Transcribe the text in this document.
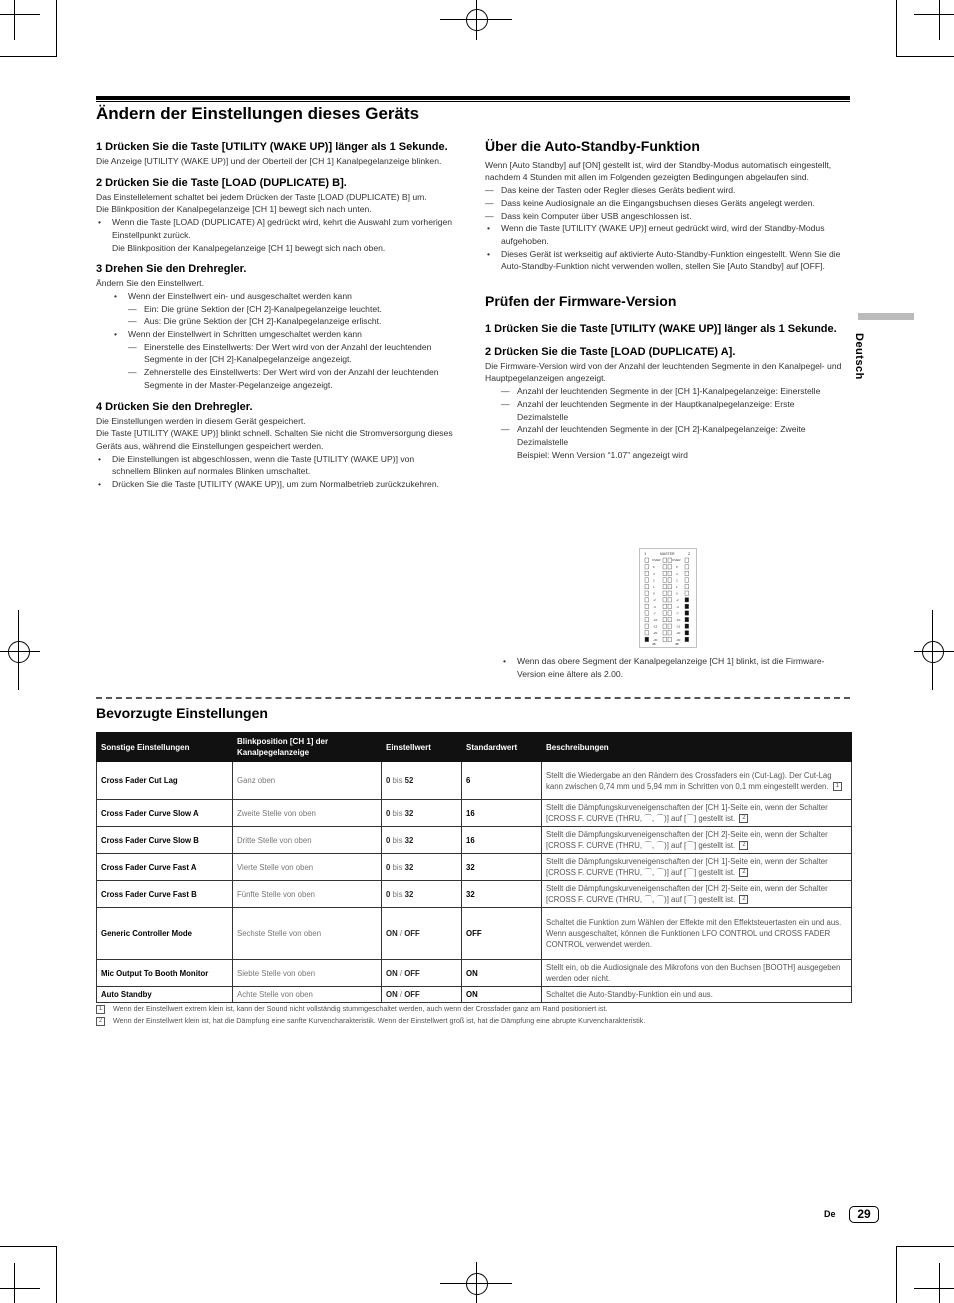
Ändern der Einstellungen dieses Geräts
1 Drücken Sie die Taste [UTILITY (WAKE UP)] länger als 1 Sekunde.

Die Anzeige [UTILITY (WAKE UP)] und der Oberteil der [CH 1] Kanalpegelanzeige blinken.

2 Drücken Sie die Taste [LOAD (DUPLICATE) B].

Das Einstellelement schaltet bei jedem Drücken der Taste [LOAD (DUPLICATE) B] um.

Die Blinkposition der Kanalpegelanzeige [CH 1] bewegt sich nach unten.

• Wenn die Taste [LOAD (DUPLICATE) A] gedrückt wird, kehrt die Auswahl zum vorherigen Einstellpunkt zurück.

Die Blinkposition der Kanalpegelanzeige [CH 1] bewegt sich nach oben.

3 Drehen Sie den Drehregler.

Ändern Sie den Einstellwert.

• Wenn der Einstellwert ein- und ausgeschaltet werden kann

— Ein: Die grüne Sektion der [CH 2]-Kanalpegelanzeige leuchtet.

— Aus: Die grüne Sektion der [CH 2]-Kanalpegelanzeige erlischt.

• Wenn der Einstellwert in Schritten umgeschaltet werden kann

— Einerstelle des Einstellwerts: Der Wert wird von der Anzahl der leuchtenden Segmente in der [CH 2]-Kanalpegelanzeige angezeigt.

— Zehnerstelle des Einstellwerts: Der Wert wird von der Anzahl der leuchtenden Segmente in der Master-Pegelanzeige angezeigt.

4 Drücken Sie den Drehregler.

Die Einstellungen werden in diesem Gerät gespeichert.

Die Taste [UTILITY (WAKE UP)] blinkt schnell. Schalten Sie nicht die Stromversorgung dieses Geräts aus, während die Einstellungen gespeichert werden.

• Die Einstellungen ist abgeschlossen, wenn die Taste [UTILITY (WAKE UP)] von schnellem Blinken auf normales Blinken umschaltet.

• Drücken Sie die Taste [UTILITY (WAKE UP)], um zum Normalbetrieb zurückzukehren.

Über die Auto-Standby-Funktion

Wenn [Auto Standby] auf [ON] gestellt ist, wird der Standby-Modus automatisch eingestellt, nachdem 4 Stunden mit allen im Folgenden gezeigten Bedingungen abgelaufen sind.

— Das keine der Tasten oder Regler dieses Geräts bedient wird.

— Dass keine Audiosignale an die Eingangsbuchsen dieses Geräts angelegt werden.

— Dass kein Computer über USB angeschlossen ist.

• Wenn die Taste [UTILITY (WAKE UP)] erneut gedrückt wird, wird der Standby-Modus aufgehoben.

• Dieses Gerät ist werkseitig auf aktivierte Auto-Standby-Funktion eingestellt. Wenn Sie die Auto-Standby-Funktion nicht verwenden wollen, stellen Sie [Auto Standby] auf [OFF].

Prüfen der Firmware-Version
1 Drücken Sie die Taste [UTILITY (WAKE UP)] länger als 1 Sekunde.
2 Drücken Sie die Taste [LOAD (DUPLICATE) A].

Die Firmware-Version wird von der Anzahl der leuchtenden Segmente in den Kanalpegel- und Hauptpegelanzeigen angezeigt.

— Anzahl der leuchtenden Segmente in der [CH 1]-Kanalpegelanzeige: Einerstelle

— Anzahl der leuchtenden Segmente in der Hauptkanalpegelanzeige: Erste Dezimalstelle

— Anzahl der leuchtenden Segmente in der [CH 2]-Kanalpegelanzeige: Zweite Dezimalstelle

Beispiel: Wenn Version “1.07” angezeigt wird

1	MASTER	2
OVER	OVER
dB	dB
6	6
4	4
2	2
1	1
0	0
-2	-2
-4	-4
-7	-7
-10	-10
-15	-15
-20	-20
-30	-30

• Wenn das obere Segment der Kanalpegelanzeige [CH 1] blinkt, ist die Firmware-Version eine ältere als 2.00.

Deutsch
Bevorzugte Einstellungen
Sonstige Einstellungen	Blinkposition [CH 1] der Kanalpegelanzeige	Einstellwert	Standardwert	Beschreibungen
Cross Fader Cut Lag	Ganz oben	0 bis 52	6	Stellt die Wiedergabe an den Rändern des Crossfaders ein (Cut-Lag). Der Cut-Lag kann zwischen 0,74 mm und 5,94 mm in Schritten von 0,1 mm eingestellt werden. 1
Cross Fader Curve Slow A	Zweite Stelle von oben	0 bis 32	16	Stellt die Dämpfungskurveneigenschaften der [CH 1]-Seite ein, wenn der Schalter [CROSS F. CURVE (THRU, ⌒, ⌒)] auf [⌒] gestellt ist. 2
Cross Fader Curve Slow B	Dritte Stelle von oben	0 bis 32	16	Stellt die Dämpfungskurveneigenschaften der [CH 2]-Seite ein, wenn der Schalter [CROSS F. CURVE (THRU, ⌒, ⌒)] auf [⌒] gestellt ist. 2
Cross Fader Curve Fast A	Vierte Stelle von oben	0 bis 32	32	Stellt die Dämpfungskurveneigenschaften der [CH 1]-Seite ein, wenn der Schalter [CROSS F. CURVE (THRU, ⌒, ⌒)] auf [⌒] gestellt ist. 2
Cross Fader Curve Fast B	Fünfte Stelle von oben	0 bis 32	32	Stellt die Dämpfungskurveneigenschaften der [CH 2]-Seite ein, wenn der Schalter [CROSS F. CURVE (THRU, ⌒, ⌒)] auf [⌒] gestellt ist. 2
Generic Controller Mode	Sechste Stelle von oben	ON / OFF	OFF	Schaltet die Funktion zum Wählen der Effekte mit den Effektsteuertasten ein und aus. Wenn ausgeschaltet, können die Funktionen LFO CONTROL und CROSS FADER CONTROL verwendet werden.
Mic Output To Booth Monitor	Siebte Stelle von oben	ON / OFF	ON	Stellt ein, ob die Audiosignale des Mikrofons von den Buchsen [BOOTH] ausgegeben werden oder nicht.
Auto Standby	Achte Stelle von oben	ON / OFF	ON	Schaltet die Auto-Standby-Funktion ein und aus.
1 Wenn der Einstellwert extrem klein ist, kann der Sound nicht vollständig stummgeschaltet werden, auch wenn der Crossfader ganz am Rand positioniert ist.
2 Wenn der Einstellwert klein ist, hat die Dämpfung eine sanfte Kurvencharakteristik. Wenn der Einstellwert groß ist, hat die Dämpfung eine abrupte Kurvencharakteristik.
De	29
